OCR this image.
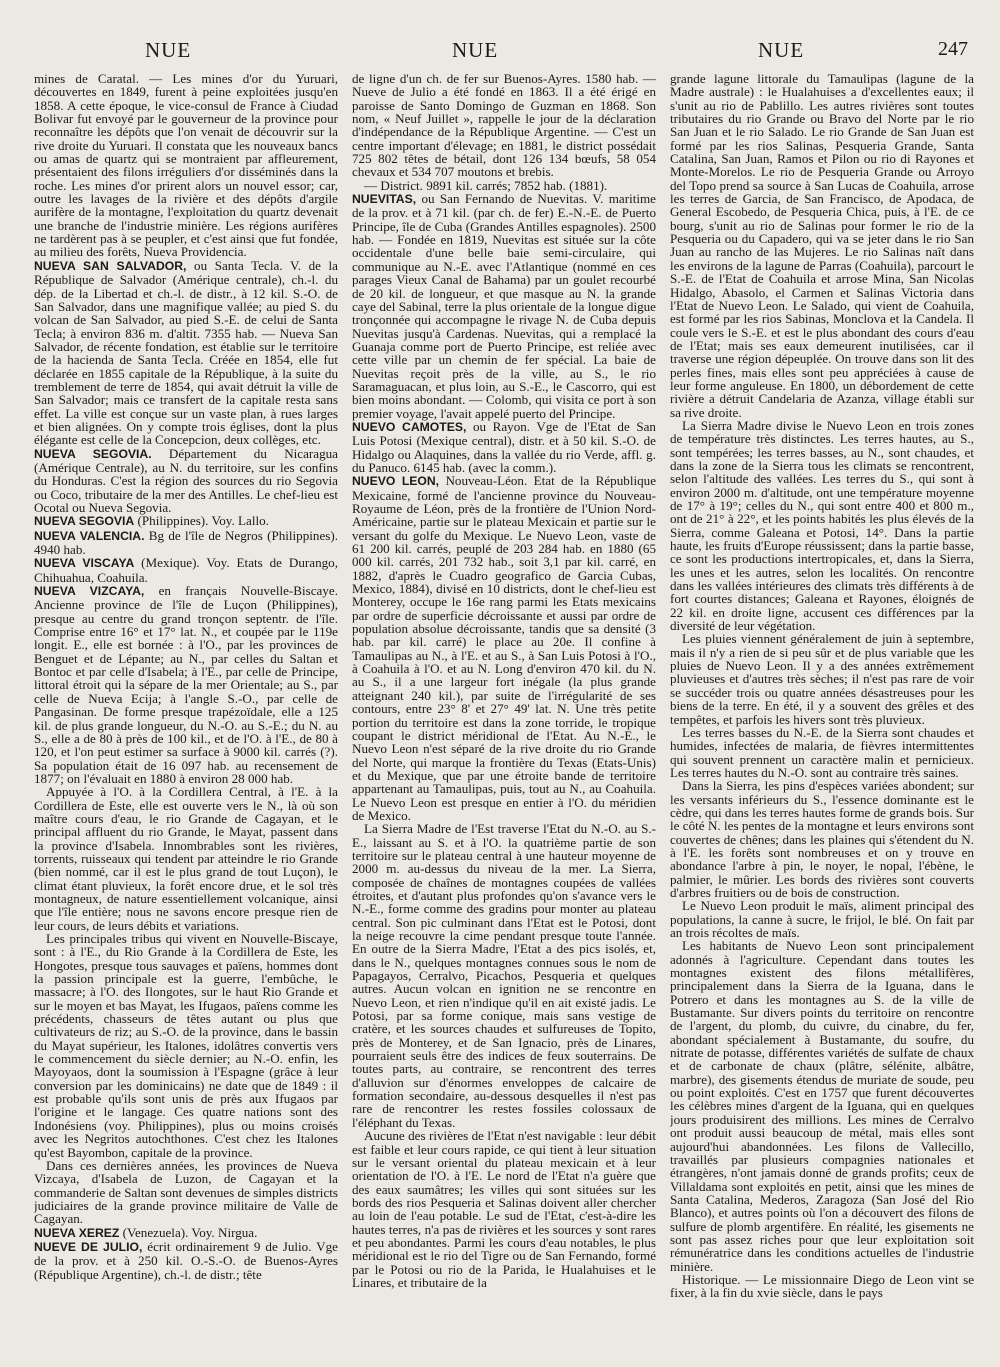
NUE	NUE	NUE	247

mines de Caratal. — Les mines d'or du Yuruari, découvertes en 1849, furent à peine exploitées jusqu'en 1858. A cette époque, le vice-consul de France à Ciudad Bolivar fut envoyé par le gouverneur de la province pour reconnaître les dépôts que l'on venait de découvrir sur la rive droite du Yuruari. Il constata que les nouveaux bancs ou amas de quartz qui se montraient par affleurement, présentaient des filons irréguliers d'or disséminés dans la roche. Les mines d'or prirent alors un nouvel essor; car, outre les lavages de la rivière et des dépôts d'argile aurifère de la montagne, l'exploitation du quartz devenait une branche de l'industrie minière. Les régions aurifères ne tardèrent pas à se peupler, et c'est ainsi que fut fondée, au milieu des forêts, Nueva Providencia.

NUEVA SAN SALVADOR, ou Santa Tecla. V. de la République de Salvador (Amérique centrale), ch.-l. du dép. de la Libertad et ch.-l. de distr., à 12 kil. S.-O. de San Salvador, dans une magnifique vallée; au pied S. du volcan de San Salvador, au pied S.-E. de celui de Santa Tecla; à environ 836 m. d'altit. 7355 hab. — Nueva San Salvador, de récente fondation, est établie sur le territoire de la hacienda de Santa Tecla. Créée en 1854, elle fut déclarée en 1855 capitale de la République, à la suite du tremblement de terre de 1854, qui avait détruit la ville de San Salvador; mais ce transfert de la capitale resta sans effet. La ville est conçue sur un vaste plan, à rues larges et bien alignées. On y compte trois églises, dont la plus élégante est celle de la Concepcion, deux collèges, etc.

NUEVA SEGOVIA. Département du Nicaragua (Amérique Centrale), au N. du territoire, sur les confins du Honduras. C'est la région des sources du rio Segovia ou Coco, tributaire de la mer des Antilles. Le chef-lieu est Ocotal ou Nueva Segovia.

NUEVA SEGOVIA (Philippines). Voy. Lallo.

NUEVA VALENCIA. Bg de l'île de Negros (Philippines). 4940 hab.

NUEVA VISCAYA (Mexique). Voy. Etats de Durango, Chihuahua, Coahuila.

NUEVA VIZCAYA, en français Nouvelle-Biscaye. Ancienne province de l'île de Luçon (Philippines), presque au centre du grand tronçon septentr. de l'île. Comprise entre 16° et 17° lat. N., et coupée par le 119e longit. E., elle est bornée : à l'O., par les provinces de Benguet et de Lépante; au N., par celles du Saltan et Bontoc et par celle d'Isabela; à l'E., par celle de Principe, littoral étroit qui la sépare de la mer Orientale; au S., par celle de Nueva Ecija; à l'angle S.-O., par celle de Pangasinan. De forme presque trapézoïdale, elle a 125 kil. de plus grande longueur, du N.-O. au S.-E.; du N. au S., elle a de 80 à près de 100 kil., et de l'O. à l'E., de 80 à 120, et l'on peut estimer sa surface à 9000 kil. carrés (?). Sa population était de 16 097 hab. au recensement de 1877; on l'évaluait en 1880 à environ 28 000 hab.

Appuyée à l'O. à la Cordillera Central, à l'E. à la Cordillera de Este, elle est ouverte vers le N., là où son maître cours d'eau, le rio Grande de Cagayan, et le principal affluent du rio Grande, le Mayat, passent dans la province d'Isabela. Innombrables sont les rivières, torrents, ruisseaux qui tendent par atteindre le rio Grande (bien nommé, car il est le plus grand de tout Luçon), le climat étant pluvieux, la forêt encore drue, et le sol très montagneux, de nature essentiellement volcanique, ainsi que l'île entière; nous ne savons encore presque rien de leur cours, de leurs débits et variations.

Les principales tribus qui vivent en Nouvelle-Biscaye, sont : à l'E., du Rio Grande à la Cordillera de Este, les Hongotes, presque tous sauvages et païens, hommes dont la passion principale est la guerre, l'embûche, le massacre; à l'O. des Ilongotes, sur le haut Rio Grande et sur le moyen et bas Mayat, les Ifugaos, païens comme les précédents, chasseurs de têtes autant ou plus que cultivateurs de riz; au S.-O. de la province, dans le bassin du Mayat supérieur, les Italones, idolâtres convertis vers le commencement du siècle dernier; au N.-O. enfin, les Mayoyaos, dont la soumission à l'Espagne (grâce à leur conversion par les dominicains) ne date que de 1849 : il est probable qu'ils sont unis de près aux Ifugaos par l'origine et le langage. Ces quatre nations sont des Indonésiens (voy. Philippines), plus ou moins croisés avec les Negritos autochthones. C'est chez les Italones qu'est Bayombon, capitale de la province.

Dans ces dernières années, les provinces de Nueva Vizcaya, d'Isabela de Luzon, de Cagayan et la commanderie de Saltan sont devenues de simples districts judiciaires de la grande province militaire de Valle de Cagayan.

NUEVA XEREZ (Venezuela). Voy. Nirgua.

NUEVE DE JULIO, écrit ordinairement 9 de Julio. Vge de la prov. et à 250 kil. O.-S.-O. de Buenos-Ayres (République Argentine), ch.-l. de distr.; tête

de ligne d'un ch. de fer sur Buenos-Ayres. 1580 hab. — Nueve de Julio a été fondé en 1863. Il a été érigé en paroisse de Santo Domingo de Guzman en 1868. Son nom, « Neuf Juillet », rappelle le jour de la déclaration d'indépendance de la République Argentine. — C'est un centre important d'élevage; en 1881, le district possédait 725 802 têtes de bétail, dont 126 134 bœufs, 58 054 chevaux et 534 707 moutons et brebis.

— District. 9891 kil. carrés; 7852 hab. (1881).

NUEVITAS, ou San Fernando de Nuevitas. V. maritime de la prov. et à 71 kil. (par ch. de fer) E.-N.-E. de Puerto Principe, île de Cuba (Grandes Antilles espagnoles). 2500 hab. — Fondée en 1819, Nuevitas est située sur la côte occidentale d'une belle baie semi-circulaire, qui communique au N.-E. avec l'Atlantique (nommé en ces parages Vieux Canal de Bahama) par un goulet recourbé de 20 kil. de longueur, et que masque au N. la grande caye del Sabinal, terre la plus orientale de la longue digue tronçonnée qui accompagne le rivage N. de Cuba depuis Nuevitas jusqu'à Cardenas. Nuevitas, qui a remplacé la Guanaja comme port de Puerto Principe, est reliée avec cette ville par un chemin de fer spécial. La baie de Nuevitas reçoit près de la ville, au S., le rio Saramaguacan, et plus loin, au S.-E., le Cascorro, qui est bien moins abondant. — Colomb, qui visita ce port à son premier voyage, l'avait appelé puerto del Principe.

NUEVO CAMOTES, ou Rayon. Vge de l'Etat de San Luis Potosi (Mexique central), distr. et à 50 kil. S.-O. de Hidalgo ou Alaquines, dans la vallée du rio Verde, affl. g. du Panuco. 6145 hab. (avec la comm.).

NUEVO LEON, Nouveau-Léon. Etat de la République Mexicaine, formé de l'ancienne province du Nouveau-Royaume de Léon, près de la frontière de l'Union Nord-Américaine, partie sur le plateau Mexicain et partie sur le versant du golfe du Mexique. Le Nuevo Leon, vaste de 61 200 kil. carrés, peuplé de 203 284 hab. en 1880 (65 000 kil. carrés, 201 732 hab., soit 3,1 par kil. carré, en 1882, d'après le Cuadro geografico de Garcia Cubas, Mexico, 1884), divisé en 10 districts, dont le chef-lieu est Monterey, occupe le 16e rang parmi les Etats mexicains par ordre de superficie décroissante et aussi par ordre de population absolue décroissante, tandis que sa densité (3 hab. par kil. carré) le place au 20e. Il confine à Tamaulipas au N., à l'E. et au S., à San Luis Potosi à l'O., à Coahuila à l'O. et au N. Long d'environ 470 kil. du N. au S., il a une largeur fort inégale (la plus grande atteignant 240 kil.), par suite de l'irrégularité de ses contours, entre 23° 8' et 27° 49' lat. N. Une très petite portion du territoire est dans la zone torride, le tropique coupant le district méridional de l'Etat. Au N.-E., le Nuevo Leon n'est séparé de la rive droite du rio Grande del Norte, qui marque la frontière du Texas (Etats-Unis) et du Mexique, que par une étroite bande de territoire appartenant au Tamaulipas, puis, tout au N., au Coahuila. Le Nuevo Leon est presque en entier à l'O. du méridien de Mexico.

La Sierra Madre de l'Est traverse l'Etat du N.-O. au S.-E., laissant au S. et à l'O. la quatrième partie de son territoire sur le plateau central à une hauteur moyenne de 2000 m. au-dessus du niveau de la mer. La Sierra, composée de chaînes de montagnes coupées de vallées étroites, et d'autant plus profondes qu'on s'avance vers le N.-E., forme comme des gradins pour monter au plateau central. Son pic culminant dans l'Etat est le Potosi, dont la neige recouvre la cime pendant presque toute l'année. En outre de la Sierra Madre, l'Etat a des pics isolés, et, dans le N., quelques montagnes connues sous le nom de Papagayos, Cerralvo, Picachos, Pesqueria et quelques autres. Aucun volcan en ignition ne se rencontre en Nuevo Leon, et rien n'indique qu'il en ait existé jadis. Le Potosi, par sa forme conique, mais sans vestige de cratère, et les sources chaudes et sulfureuses de Topito, près de Monterey, et de San Ignacio, près de Linares, pourraient seuls être des indices de feux souterrains. De toutes parts, au contraire, se rencontrent des terres d'alluvion sur d'énormes enveloppes de calcaire de formation secondaire, au-dessous desquelles il n'est pas rare de rencontrer les restes fossiles colossaux de l'éléphant du Texas.

Aucune des rivières de l'Etat n'est navigable : leur débit est faible et leur cours rapide, ce qui tient à leur situation sur le versant oriental du plateau mexicain et à leur orientation de l'O. à l'E. Le nord de l'Etat n'a guère que des eaux saumâtres; les villes qui sont situées sur les bords des rios Pesqueria et Salinas doivent aller chercher au loin de l'eau potable. Le sud de l'Etat, c'est-à-dire les hautes terres, n'a pas de rivières et les sources y sont rares et peu abondantes. Parmi les cours d'eau notables, le plus méridional est le rio del Tigre ou de San Fernando, formé par le Potosi ou rio de la Parida, le Hualahuises et le Linares, et tributaire de la

grande lagune littorale du Tamaulipas (lagune de la Madre australe) : le Hualahuises a d'excellentes eaux; il s'unit au rio de Pablillo. Les autres rivières sont toutes tributaires du rio Grande ou Bravo del Norte par le rio San Juan et le rio Salado. Le rio Grande de San Juan est formé par les rios Salinas, Pesqueria Grande, Santa Catalina, San Juan, Ramos et Pilon ou rio di Rayones et Monte-Morelos. Le rio de Pesqueria Grande ou Arroyo del Topo prend sa source à San Lucas de Coahuila, arrose les terres de Garcia, de San Francisco, de Apodaca, de General Escobedo, de Pesqueria Chica, puis, à l'E. de ce bourg, s'unit au rio de Salinas pour former le rio de la Pesqueria ou du Capadero, qui va se jeter dans le rio San Juan au rancho de las Mujeres. Le rio Salinas naît dans les environs de la lagune de Parras (Coahuila), parcourt le S.-E. de l'Etat de Coahuila et arrose Mina, San Nicolas Hidalgo, Abasolo, el Carmen et Salinas Victoria dans l'Etat de Nuevo Leon. Le Salado, qui vient de Coahuila, est formé par les rios Sabinas, Monclova et la Candela. Il coule vers le S.-E. et est le plus abondant des cours d'eau de l'Etat; mais ses eaux demeurent inutilisées, car il traverse une région dépeuplée. On trouve dans son lit des perles fines, mais elles sont peu appréciées à cause de leur forme anguleuse. En 1800, un débordement de cette rivière a détruit Candelaria de Azanza, village établi sur sa rive droite.

La Sierra Madre divise le Nuevo Leon en trois zones de température très distinctes. Les terres hautes, au S., sont tempérées; les terres basses, au N., sont chaudes, et dans la zone de la Sierra tous les climats se rencontrent, selon l'altitude des vallées. Les terres du S., qui sont à environ 2000 m. d'altitude, ont une température moyenne de 17° à 19°; celles du N., qui sont entre 400 et 800 m., ont de 21° à 22°, et les points habités les plus élevés de la Sierra, comme Galeana et Potosi, 14°. Dans la partie haute, les fruits d'Europe réussissent; dans la partie basse, ce sont les productions intertropicales, et, dans la Sierra, les unes et les autres, selon les localités. On rencontre dans les vallées intérieures des climats très différents à de fort courtes distances; Galeana et Rayones, éloignés de 22 kil. en droite ligne, accusent ces différences par la diversité de leur végétation.

Les pluies viennent généralement de juin à septembre, mais il n'y a rien de si peu sûr et de plus variable que les pluies de Nuevo Leon. Il y a des années extrêmement pluvieuses et d'autres très sèches; il n'est pas rare de voir se succéder trois ou quatre années désastreuses pour les biens de la terre. En été, il y a souvent des grêles et des tempêtes, et parfois les hivers sont très pluvieux.

Les terres basses du N.-E. de la Sierra sont chaudes et humides, infectées de malaria, de fièvres intermittentes qui souvent prennent un caractère malin et pernicieux. Les terres hautes du N.-O. sont au contraire très saines.

Dans la Sierra, les pins d'espèces variées abondent; sur les versants inférieurs du S., l'essence dominante est le cèdre, qui dans les terres hautes forme de grands bois. Sur le côté N. les pentes de la montagne et leurs environs sont couvertes de chênes; dans les plaines qui s'étendent du N. à l'E. les forêts sont nombreuses et on y trouve en abondance l'arbre à pin, le noyer, le nopal, l'ébène, le palmier, le mûrier. Les bords des rivières sont couverts d'arbres fruitiers ou de bois de construction.

Le Nuevo Leon produit le maïs, aliment principal des populations, la canne à sucre, le frijol, le blé. On fait par an trois récoltes de maïs.

Les habitants de Nuevo Leon sont principalement adonnés à l'agriculture. Cependant dans toutes les montagnes existent des filons métallifères, principalement dans la Sierra de la Iguana, dans le Potrero et dans les montagnes au S. de la ville de Bustamante. Sur divers points du territoire on rencontre de l'argent, du plomb, du cuivre, du cinabre, du fer, abondant spécialement à Bustamante, du soufre, du nitrate de potasse, différentes variétés de sulfate de chaux et de carbonate de chaux (plâtre, sélénite, albâtre, marbre), des gisements étendus de muriate de soude, peu ou point exploités. C'est en 1757 que furent découvertes les célèbres mines d'argent de la Iguana, qui en quelques jours produisirent des millions. Les mines de Cerralvo ont produit aussi beaucoup de métal, mais elles sont aujourd'hui abandonnées. Les filons de Vallecillo, travaillés par plusieurs compagnies nationales et étrangères, n'ont jamais donné de grands profits; ceux de Villaldama sont exploités en petit, ainsi que les mines de Santa Catalina, Mederos, Zaragoza (San José del Rio Blanco), et autres points où l'on a découvert des filons de sulfure de plomb argentifère. En réalité, les gisements ne sont pas assez riches pour que leur exploitation soit rémunératrice dans les conditions actuelles de l'industrie minière.

Historique. — Le missionnaire Diego de Leon vint se fixer, à la fin du xvie siècle, dans le pays
